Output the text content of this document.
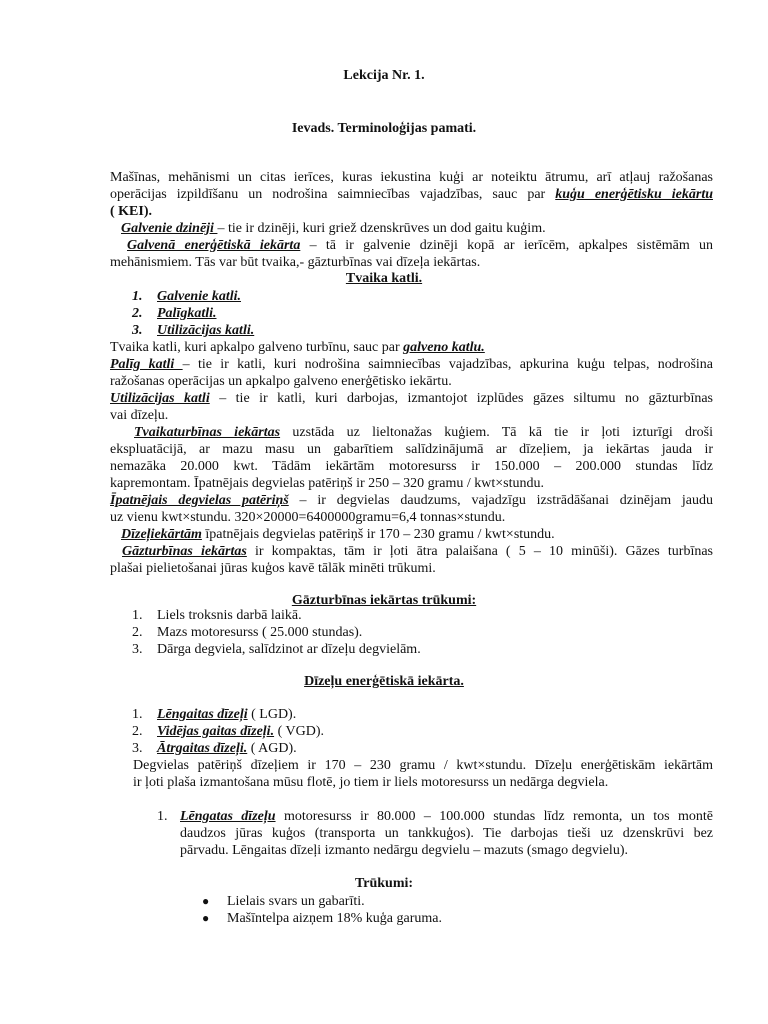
Lekcija Nr. 1.
Ievads. Terminoloģijas pamati.
Mašīnas, mehānismi un citas ierīces, kuras iekustina kuģi ar noteiktu ātrumu, arī atļauj ražošanas
operācijas izpildīšanu un nodrošina saimniecības vajadzības, sauc par kuģu enerģētisku iekārtu
( KEI).
Galvenie dzinēji – tie ir dzinēji, kuri griež dzenskrūves un dod gaitu kuģim.
Galvenā enerģētiskā iekārta – tā ir galvenie dzinēji kopā ar ierīcēm, apkalpes sistēmām un
mehānismiem. Tās var būt tvaika,- gāzturbīnas vai dīzeļa iekārtas.
Tvaika katli.
1. Galvenie katli.
2. Palīgkatli.
3. Utilizācijas katli.
Tvaika katli, kuri apkalpo galveno turbīnu, sauc par galveno katlu.
Palīg katli – tie ir katli, kuri nodrošina saimniecības vajadzības, apkurina kuģu telpas, nodrošina
ražošanas operācijas un apkalpo galveno enerģētisko iekārtu.
Utilizācijas katli – tie ir katli, kuri darbojas, izmantojot izplūdes gāzes siltumu no gāzturbīnas
vai dīzeļu.
Tvaikaturbīnas iekārtas uzstāda uz lieltonažas kuģiem. Tā kā tie ir ļoti izturīgi droši
ekspluatācijā, ar mazu masu un gabarītiem salīdzinājumā ar dīzeļiem, ja iekārtas jauda ir
nemazāka 20.000 kwt. Tādām iekārtām motoresurss ir 150.000 – 200.000 stundas līdz
kapremontam. Īpatnējais degvielas patēriņš ir 250 – 320 gramu / kwt×stundu.
Īpatnējais degvielas patēriņš – ir degvielas daudzums, vajadzīgu izstrādāšanai dzinējam jaudu
uz vienu kwt×stundu. 320×20000=6400000gramu=6,4 tonnas×stundu.
Dīzeļiekārtām īpatnējais degvielas patēriņš ir 170 – 230 gramu / kwt×stundu.
Gāzturbīnas iekārtas ir kompaktas, tām ir ļoti ātra palaišana ( 5 – 10 minūši). Gāzes turbīnas
plašai pielietošanai jūras kuģos kavē tālāk minēti trūkumi.
Gāzturbīnas iekārtas trūkumi:
1. Liels troksnis darbā laikā.
2. Mazs motoresurss ( 25.000 stundas).
3. Dārga degviela, salīdzinot ar dīzeļu degvielām.
Dīzeļu enerģētiskā iekārta.
1. Lēngaitas dīzeļi ( LGD).
2. Vidējas gaitas dīzeļi. ( VGD).
3. Ātrgaitas dīzeļi. ( AGD).
Degvielas patēriņš dīzeļiem ir 170 – 230 gramu / kwt×stundu. Dīzeļu enerģētiskām iekārtām
ir ļoti plaša izmantošana mūsu flotē, jo tiem ir liels motoresurss un nedārga degviela.
1. Lēngatas dīzeļu motoresurss ir 80.000 – 100.000 stundas līdz remonta, un tos montē
daudzos jūras kuģos (transporta un tankkuģos). Tie darbojas tieši uz dzenskrūvi bez
pārvadu. Lēngaitas dīzeļi izmanto nedārgu degvielu – mazuts (smago degvielu).
Trūkumi:
● Lielais svars un gabarīti.
● Mašīntelpa aizņem 18% kuģa garuma.
